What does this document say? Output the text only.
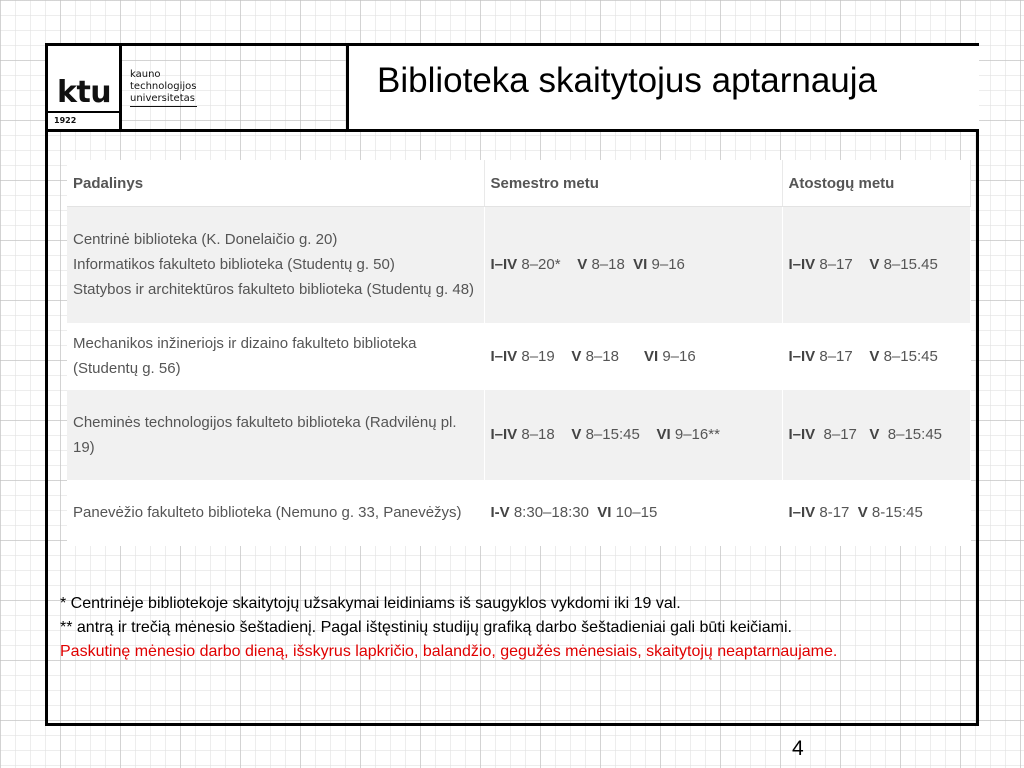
ktu
1922
kauno
technologijos
universitetas	Biblioteka skaitytojus aptarnauja
Padalinys	Semestro metu	Atostogų metu

Centrinė biblioteka (K. Donelaičio g. 20)
Informatikos fakulteto biblioteka (Studentų g. 50)
Statybos ir architektūros fakulteto biblioteka (Studentų g. 48)	I–IV 8–20* V 8–18 VI 9–16	I–IV 8–17 V 8–15.45

Mechanikos inžineriojs ir dizaino fakulteto biblioteka (Studentų g. 56)	I–IV 8–19 V 8–18 VI 9–16	I–IV 8–17 V 8–15:45

Cheminės technologijos fakulteto biblioteka (Radvilėnų pl. 19)	I–IV 8–18 V 8–15:45 VI 9–16**	I–IV 8–17 V 8–15:45

Panevėžio fakulteto biblioteka (Nemuno g. 33, Panevėžys)	I-V 8:30–18:30 VI 10–15	I–IV 8-17 V 8-15:45
* Centrinėje bibliotekoje skaitytojų užsakymai leidiniams iš saugyklos vykdomi iki 19 val.
** antrą ir trečią mėnesio šeštadienį. Pagal ištęstinių studijų grafiką darbo šeštadieniai gali būti keičiami.
Paskutinę mėnesio darbo dieną, išskyrus lapkričio, balandžio, gegužės mėnesiais, skaitytojų neaptarnaujame.
4
